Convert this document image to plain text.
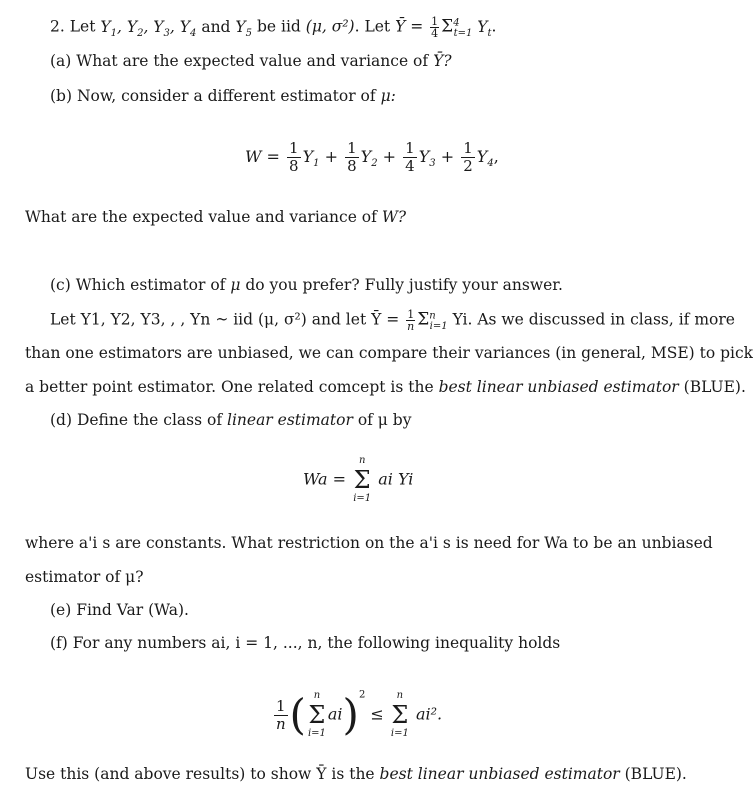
2. Let $Y_1$, $Y_2$, $Y_3$, $Y_4$ and $Y_5$ be iid (μ, σ²). Let Ȳ = $\frac{1}{4} \Sigma^4_{t=1}$ $Y_t$.
(a) What are the expected value and variance of Ȳ?
(b) Now, consider a different estimator of μ:
$W = \frac{1}{8} Y_1 + \frac{1}{8} Y_2 + \frac{1}{4} Y_3 + \frac{1}{2} Y_4$,
What are the expected value and variance of W?
(c) Which estimator of μ do you prefer? Fully justify your answer.
Let Y1, Y2, Y3, , , Yn ~ iid (μ, σ²) and let Ȳ = $\frac{1}{n} \Sigma^n_{i=1}$ Yi. As we discussed in class, if more
than one estimators are unbiased, we can compare their variances (in general, MSE) to pick
a better point estimator. One related comcept is the best linear unbiased estimator (BLUE).
(d) Define the class of linear estimator of μ by
Wa =
n
Σ
i=1
ai Yi
where a'i s are constants. What restriction on the a'i s is need for Wa to be an unbiased
estimator of μ?
(e) Find Var (Wa).
(f) For any numbers ai, i = 1, ..., n, the following inequality holds
$\frac{1}{n}$ ( n
Σ
i=1
ai)$^2$ ≤
n
Σ
i=1
ai².
Use this (and above results) to show Ȳ is the best linear unbiased estimator (BLUE).
